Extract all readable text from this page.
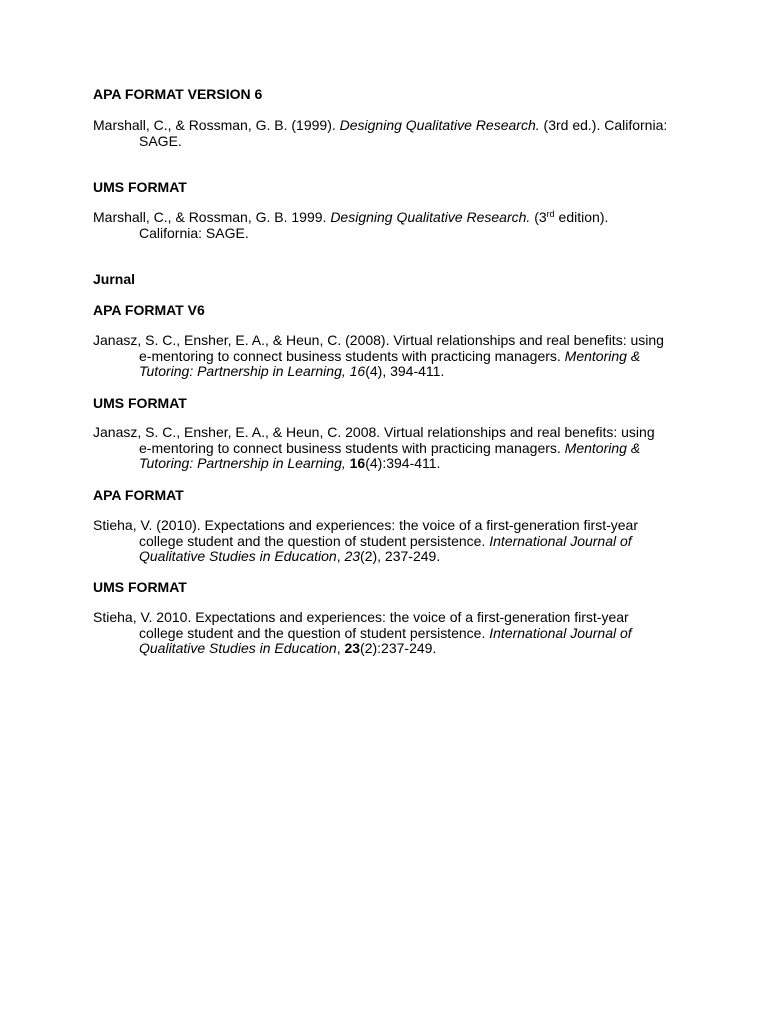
APA FORMAT VERSION 6
Marshall, C., & Rossman, G. B. (1999). Designing Qualitative Research. (3rd ed.). California:
SAGE.
UMS FORMAT
Marshall, C., & Rossman, G. B. 1999. Designing Qualitative Research. (3rd edition).
California: SAGE.
Jurnal
APA FORMAT V6
Janasz, S. C., Ensher, E. A., & Heun, C. (2008). Virtual relationships and real benefits: using
e-mentoring to connect business students with practicing managers. Mentoring &
Tutoring: Partnership in Learning, 16(4), 394-411.
UMS FORMAT
Janasz, S. C., Ensher, E. A., & Heun, C. 2008. Virtual relationships and real benefits: using
e-mentoring to connect business students with practicing managers. Mentoring &
Tutoring: Partnership in Learning, 16(4):394-411.
APA FORMAT
Stieha, V. (2010). Expectations and experiences: the voice of a first-generation first-year
college student and the question of student persistence. International Journal of
Qualitative Studies in Education, 23(2), 237-249.
UMS FORMAT
Stieha, V. 2010. Expectations and experiences: the voice of a first-generation first-year
college student and the question of student persistence. International Journal of
Qualitative Studies in Education, 23(2):237-249.
